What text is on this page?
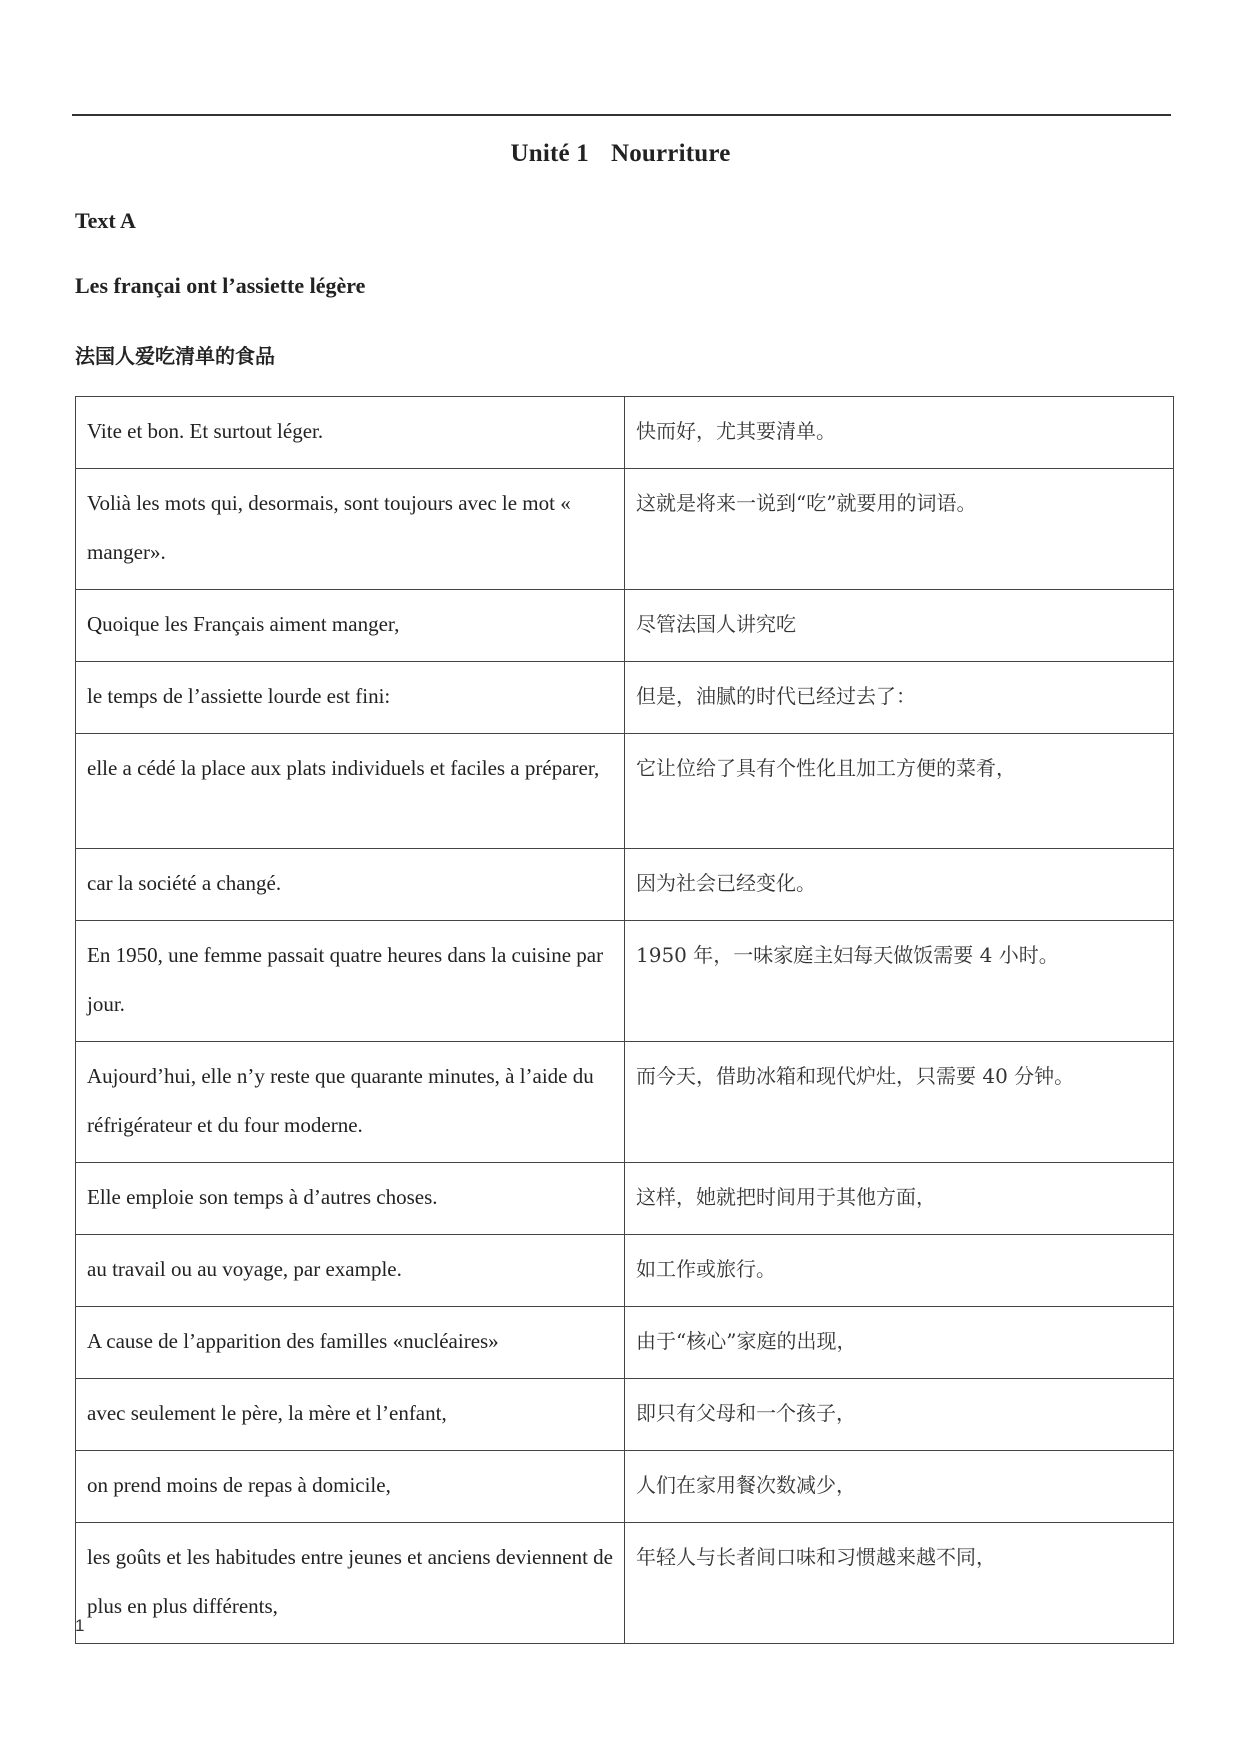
Unité 1 Nourriture
Text A
Les françai ont l’assiette légère
法国人爱吃清单的食品
Vite et bon. Et surtout léger.	快而好，尤其要清单。
Volià les mots qui, desormais, sont toujours avec le mot « manger».	这就是将来一说到“吃”就要用的词语。
Quoique les Français aiment manger,	尽管法国人讲究吃
le temps de l’assiette lourde est fini:	但是，油腻的时代已经过去了：
elle a cédé la place aux plats individuels et faciles a préparer,	它让位给了具有个性化且加工方便的菜肴，
car la société a changé.	因为社会已经变化。
En 1950, une femme passait quatre heures dans la cuisine par jour.	1950 年，一味家庭主妇每天做饭需要 4 小时。
Aujourd’hui, elle n’y reste que quarante minutes, à l’aide du réfrigérateur et du four moderne.	而今天，借助冰箱和现代炉灶，只需要 40 分钟。
Elle emploie son temps à d’autres choses.	这样，她就把时间用于其他方面，
au travail ou au voyage, par example.	如工作或旅行。
A cause de l’apparition des familles «nucléaires»	由于“核心”家庭的出现，
avec seulement le père, la mère et l’enfant,	即只有父母和一个孩子，
on prend moins de repas à domicile,	人们在家用餐次数减少，
les goûts et les habitudes entre jeunes et anciens deviennent de plus en plus différents,	年轻人与长者间口味和习惯越来越不同，
1
